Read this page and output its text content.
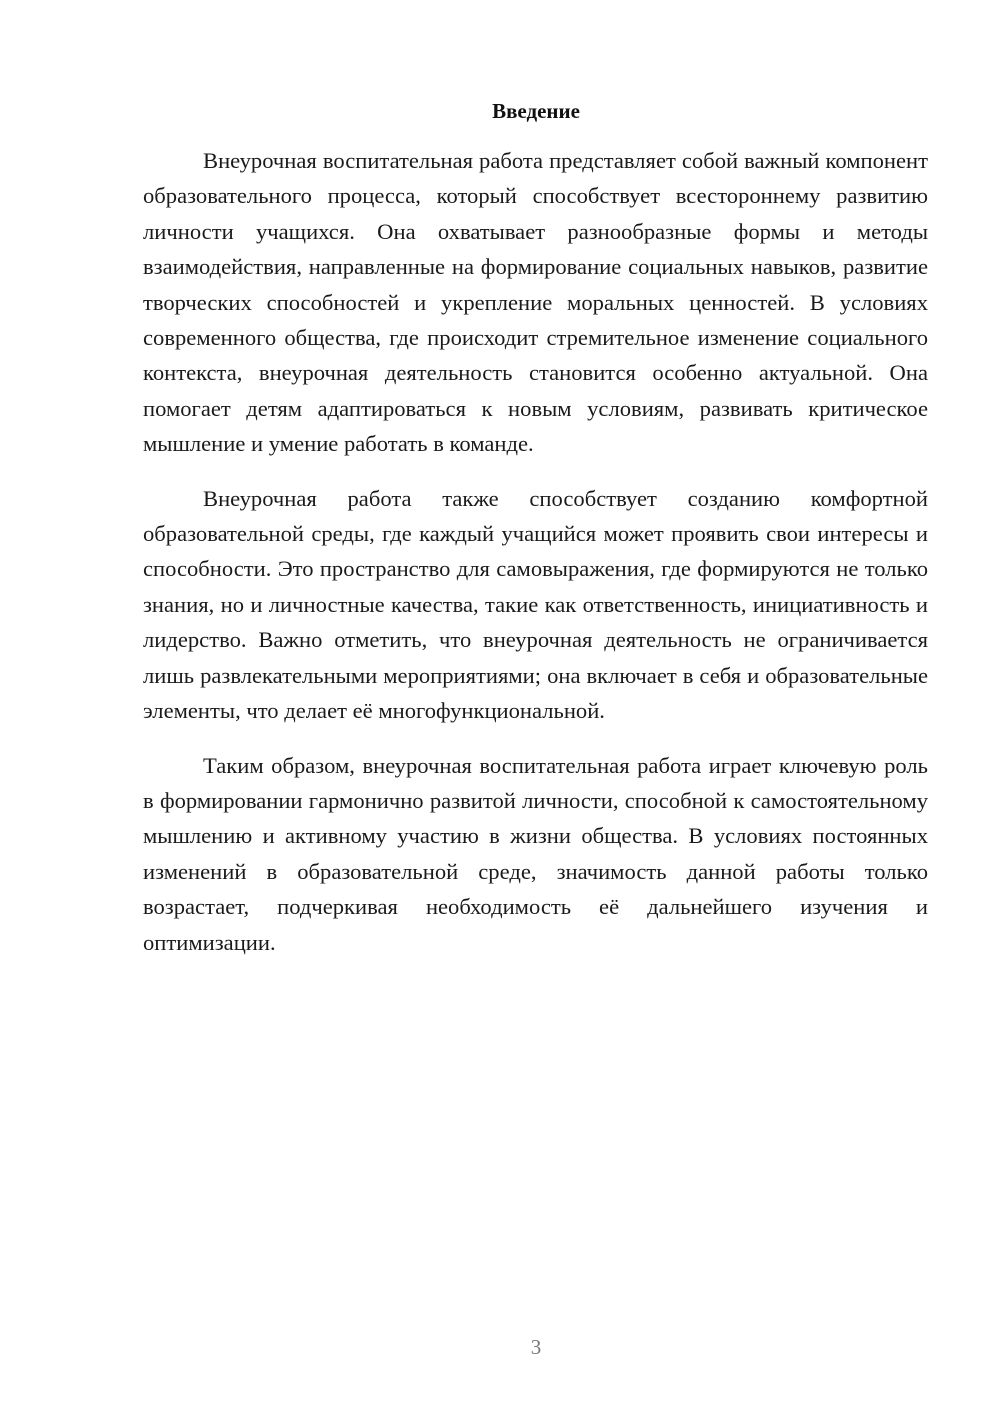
Введение

Внеурочная воспитательная работа представляет собой важный компонент образовательного процесса, который способствует всестороннему развитию личности учащихся. Она охватывает разнообразные формы и методы взаимодействия, направленные на формирование социальных навыков, развитие творческих способностей и укрепление моральных ценностей. В условиях современного общества, где происходит стремительное изменение социального контекста, внеурочная деятельность становится особенно актуальной. Она помогает детям адаптироваться к новым условиям, развивать критическое мышление и умение работать в команде.

Внеурочная работа также способствует созданию комфортной образовательной среды, где каждый учащийся может проявить свои интересы и способности. Это пространство для самовыражения, где формируются не только знания, но и личностные качества, такие как ответственность, инициативность и лидерство. Важно отметить, что внеурочная деятельность не ограничивается лишь развлекательными мероприятиями; она включает в себя и образовательные элементы, что делает её многофункциональной.

Таким образом, внеурочная воспитательная работа играет ключевую роль в формировании гармонично развитой личности, способной к самостоятельному мышлению и активному участию в жизни общества. В условиях постоянных изменений в образовательной среде, значимость данной работы только возрастает, подчеркивая необходимость её дальнейшего изучения и оптимизации.

3
